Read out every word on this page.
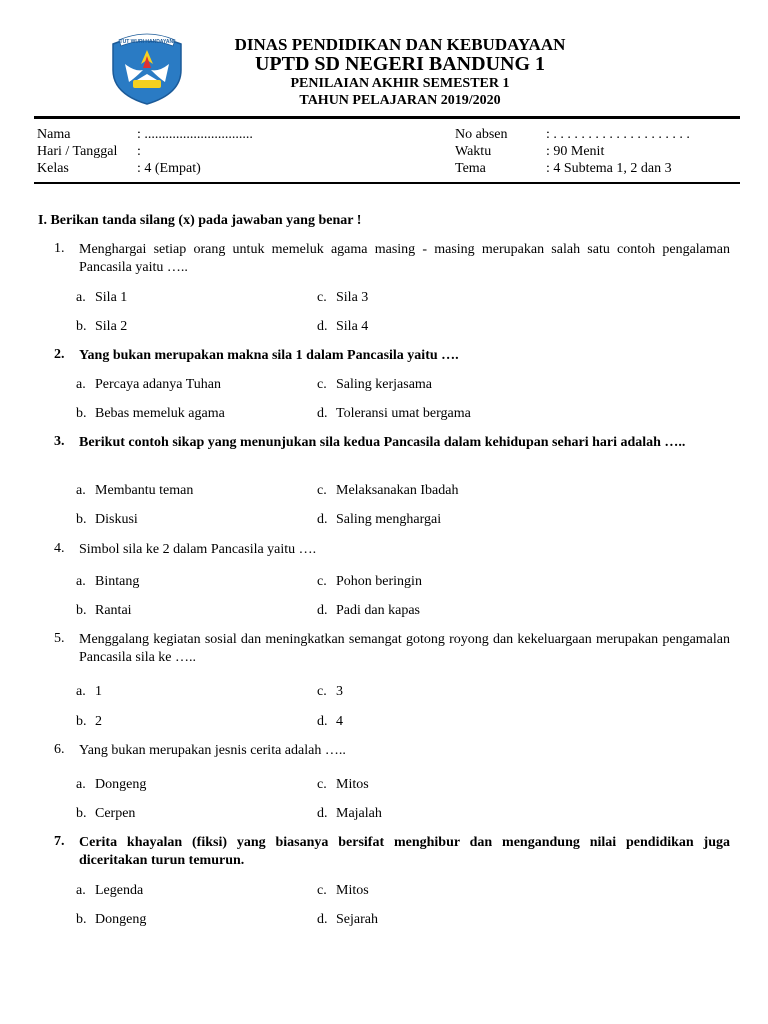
TUT WURI HANDAYANI	DINAS PENDIDIKAN DAN KEBUDAYAAN
UPTD SD NEGERI BANDUNG 1
PENILAIAN AKHIR SEMESTER 1
TAHUN PELAJARAN 2019/2020
Nama	: ...............................
Hari / Tanggal :
Kelas	: 4 (Empat)
No absen	: . . . . . . . . . . . . . . . . . . . .
Waktu	: 90 Menit
Tema	: 4 Subtema 1, 2 dan 3
I. Berikan tanda silang (x) pada jawaban yang benar !
1. Menghargai setiap orang untuk memeluk agama masing - masing merupakan salah satu contoh pengalaman Pancasila yaitu …..
a. Sila 1	c. Sila 3
b. Sila 2	d. Sila 4
2. Yang bukan merupakan makna sila 1 dalam Pancasila yaitu ….
a. Percaya adanya Tuhan	c. Saling kerjasama
b. Bebas memeluk agama	d. Toleransi umat bergama
3. Berikut contoh sikap yang menunjukan sila kedua Pancasila dalam kehidupan sehari hari adalah …..
a. Membantu teman	c. Melaksanakan Ibadah
b. Diskusi	d. Saling menghargai
4. Simbol sila ke 2 dalam Pancasila yaitu ….
a. Bintang	c. Pohon beringin
b. Rantai	d. Padi dan kapas
5. Menggalang kegiatan sosial dan meningkatkan semangat gotong royong dan kekeluargaan merupakan pengamalan Pancasila sila ke …..
a. 1	c. 3
b. 2	d. 4
6. Yang bukan merupakan jesnis cerita adalah …..
a. Dongeng	c. Mitos
b. Cerpen	d. Majalah
7. Cerita khayalan (fiksi) yang biasanya bersifat menghibur dan mengandung nilai pendidikan juga diceritakan turun temurun.
a. Legenda	c. Mitos
b. Dongeng	d. Sejarah
